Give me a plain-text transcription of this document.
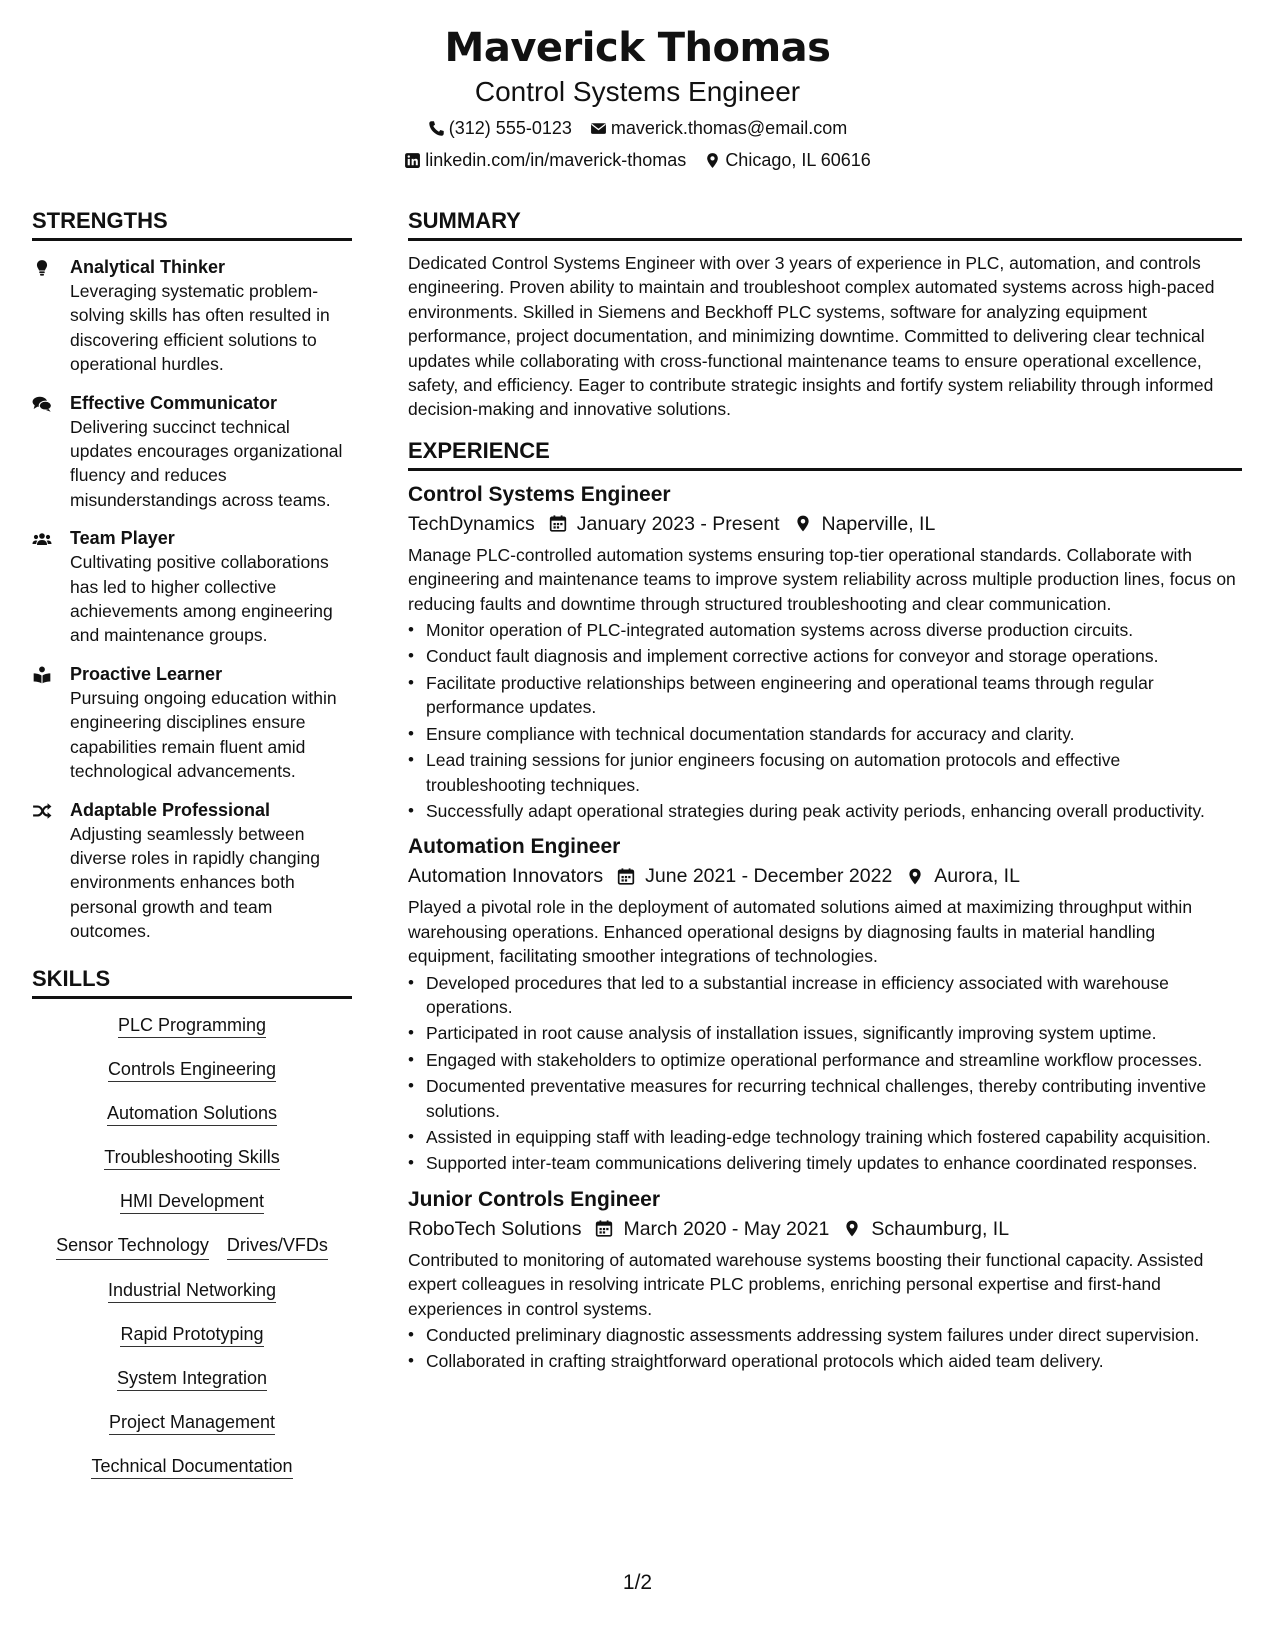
Maverick Thomas
Control Systems Engineer
(312) 555-0123 maverick.thomas@email.com
linkedin.com/in/maverick-thomas Chicago, IL 60616
STRENGTHS
Analytical Thinker
Leveraging systematic problem-solving skills has often resulted in discovering efficient solutions to operational hurdles.
Effective Communicator
Delivering succinct technical updates encourages organizational fluency and reduces misunderstandings across teams.
Team Player
Cultivating positive collaborations has led to higher collective achievements among engineering and maintenance groups.
Proactive Learner
Pursuing ongoing education within engineering disciplines ensure capabilities remain fluent amid technological advancements.
Adaptable Professional
Adjusting seamlessly between diverse roles in rapidly changing environments enhances both personal growth and team outcomes.
SKILLS
PLC Programming
Controls Engineering
Automation Solutions
Troubleshooting Skills
HMI Development
Sensor Technology Drives/VFDs
Industrial Networking
Rapid Prototyping
System Integration
Project Management
Technical Documentation
SUMMARY
Dedicated Control Systems Engineer with over 3 years of experience in PLC, automation, and controls engineering. Proven ability to maintain and troubleshoot complex automated systems across high-paced environments. Skilled in Siemens and Beckhoff PLC systems, software for analyzing equipment performance, project documentation, and minimizing downtime. Committed to delivering clear technical updates while collaborating with cross-functional maintenance teams to ensure operational excellence, safety, and efficiency. Eager to contribute strategic insights and fortify system reliability through informed decision-making and innovative solutions.
EXPERIENCE
Control Systems Engineer
TechDynamics January 2023 - Present Naperville, IL
Manage PLC-controlled automation systems ensuring top-tier operational standards. Collaborate with engineering and maintenance teams to improve system reliability across multiple production lines, focus on reducing faults and downtime through structured troubleshooting and clear communication.
• Monitor operation of PLC-integrated automation systems across diverse production circuits.
• Conduct fault diagnosis and implement corrective actions for conveyor and storage operations.
• Facilitate productive relationships between engineering and operational teams through regular performance updates.
• Ensure compliance with technical documentation standards for accuracy and clarity.
• Lead training sessions for junior engineers focusing on automation protocols and effective troubleshooting techniques.
• Successfully adapt operational strategies during peak activity periods, enhancing overall productivity.
Automation Engineer
Automation Innovators June 2021 - December 2022 Aurora, IL
Played a pivotal role in the deployment of automated solutions aimed at maximizing throughput within warehousing operations. Enhanced operational designs by diagnosing faults in material handling equipment, facilitating smoother integrations of technologies.
• Developed procedures that led to a substantial increase in efficiency associated with warehouse operations.
• Participated in root cause analysis of installation issues, significantly improving system uptime.
• Engaged with stakeholders to optimize operational performance and streamline workflow processes.
• Documented preventative measures for recurring technical challenges, thereby contributing inventive solutions.
• Assisted in equipping staff with leading-edge technology training which fostered capability acquisition.
• Supported inter-team communications delivering timely updates to enhance coordinated responses.
Junior Controls Engineer
RoboTech Solutions March 2020 - May 2021 Schaumburg, IL
Contributed to monitoring of automated warehouse systems boosting their functional capacity. Assisted expert colleagues in resolving intricate PLC problems, enriching personal expertise and first-hand experiences in control systems.
• Conducted preliminary diagnostic assessments addressing system failures under direct supervision.
• Collaborated in crafting straightforward operational protocols which aided team delivery.
1/2
